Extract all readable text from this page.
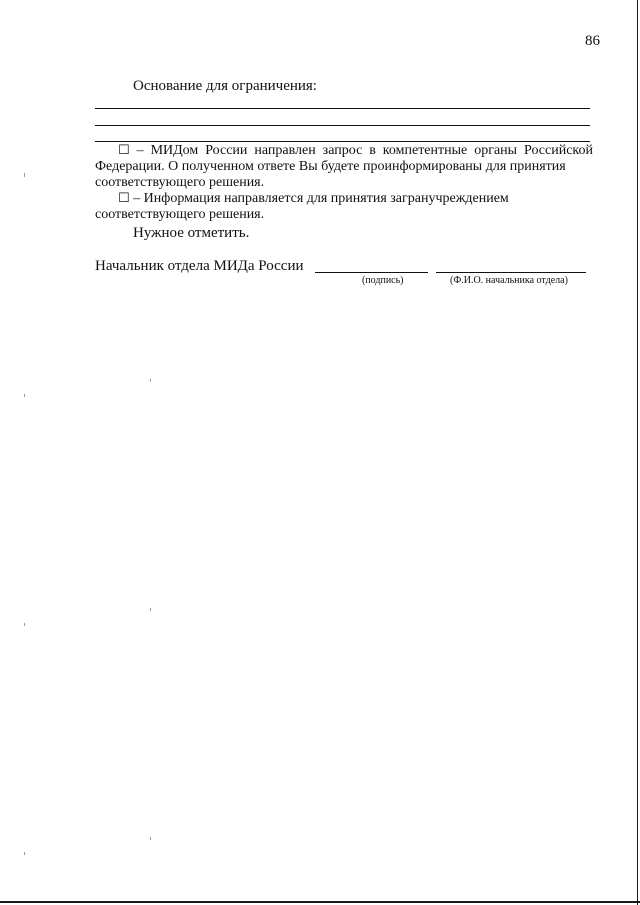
86
Основание для ограничения:

☐ – МИДом России направлен запрос в компетентные органы Российской Федерации. О полученном ответе Вы будете проинформированы для принятия

соответствующего решения.

☐ – Информация направляется для принятия загранучреждением

соответствующего решения.

Нужное отметить.
Начальник отдела МИДа России
(подпись)	(Ф.И.О. начальника отдела)
